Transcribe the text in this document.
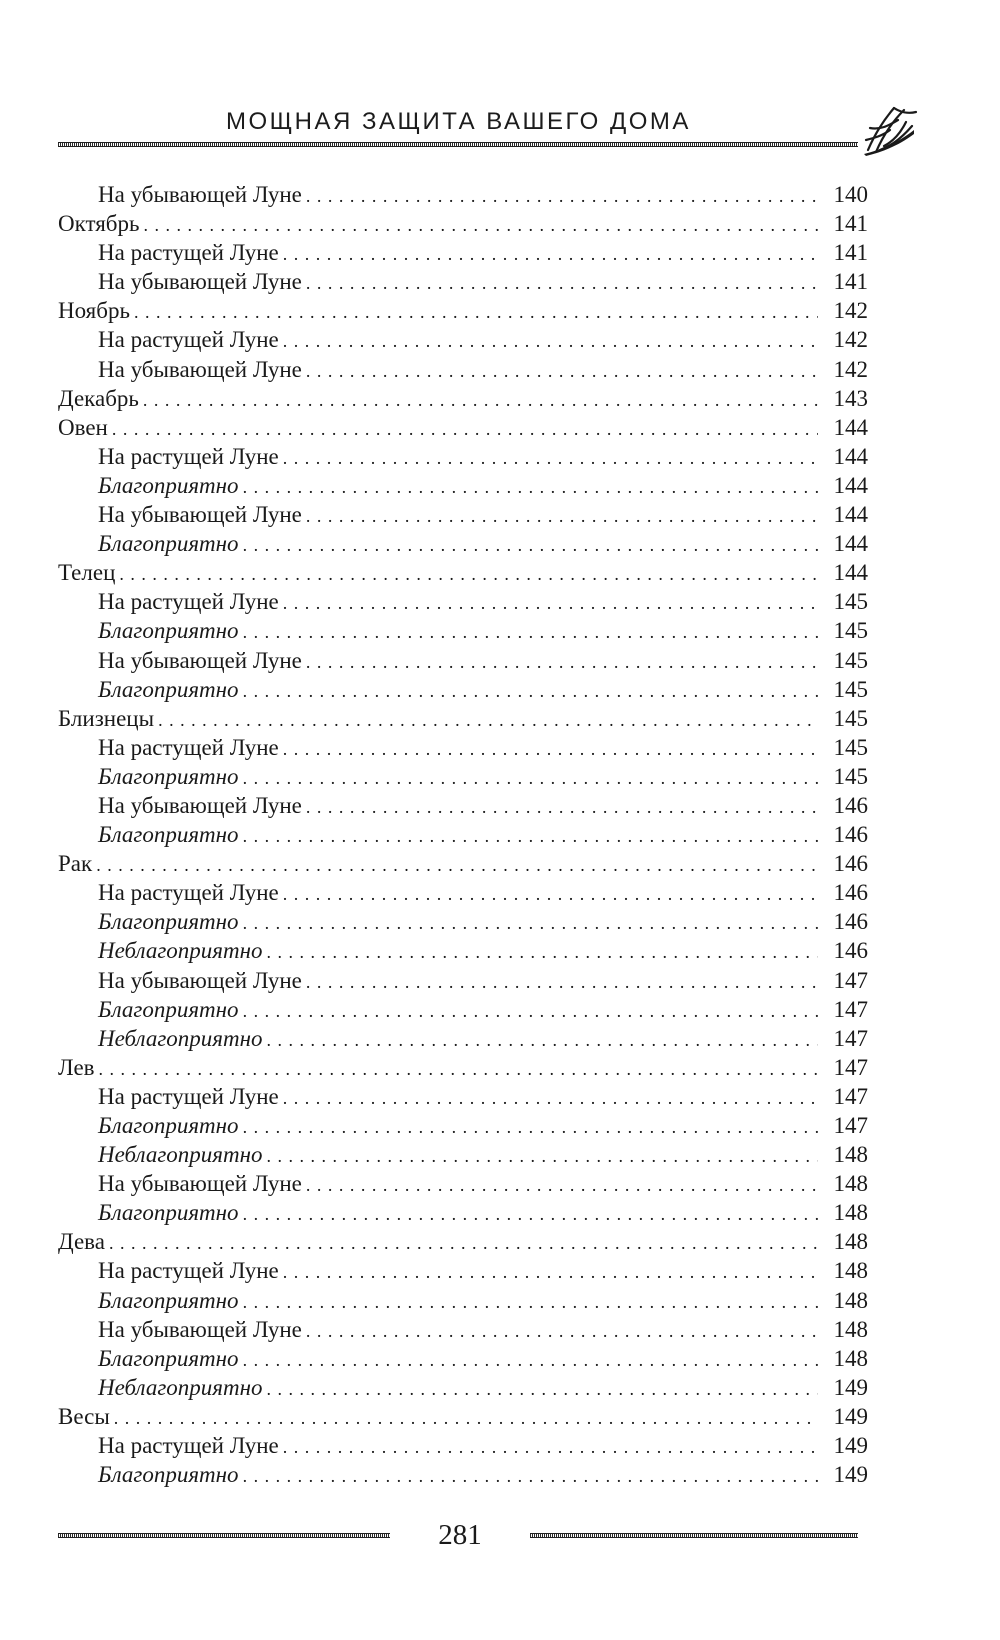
МОЩНАЯ ЗАЩИТА ВАШЕГО ДОМА
На убывающей Луне . . .	140
Октябрь . . .	141
На растущей Луне . . .	141
На убывающей Луне . . .	141
Ноябрь . . .	142
На растущей Луне . . .	142
На убывающей Луне . . .	142
Декабрь . . .	143
Овен . . .	144
На растущей Луне . . .	144
Благоприятно . . .	144
На убывающей Луне . . .	144
Благоприятно . . .	144
Телец . . .	144
На растущей Луне . . .	145
Благоприятно . . .	145
На убывающей Луне . . .	145
Благоприятно . . .	145
Близнецы . . .	145
На растущей Луне . . .	145
Благоприятно . . .	145
На убывающей Луне . . .	146
Благоприятно . . .	146
Рак . . .	146
На растущей Луне . . .	146
Благоприятно . . .	146
Неблагоприятно . . .	146
На убывающей Луне . . .	147
Благоприятно . . .	147
Неблагоприятно . . .	147
Лев . . .	147
На растущей Луне . . .	147
Благоприятно . . .	147
Неблагоприятно . . .	148
На убывающей Луне . . .	148
Благоприятно . . .	148
Дева . . .	148
На растущей Луне . . .	148
Благоприятно . . .	148
На убывающей Луне . . .	148
Благоприятно . . .	148
Неблагоприятно . . .	149
Весы . . .	149
На растущей Луне . . .	149
Благоприятно . . .	149
281
